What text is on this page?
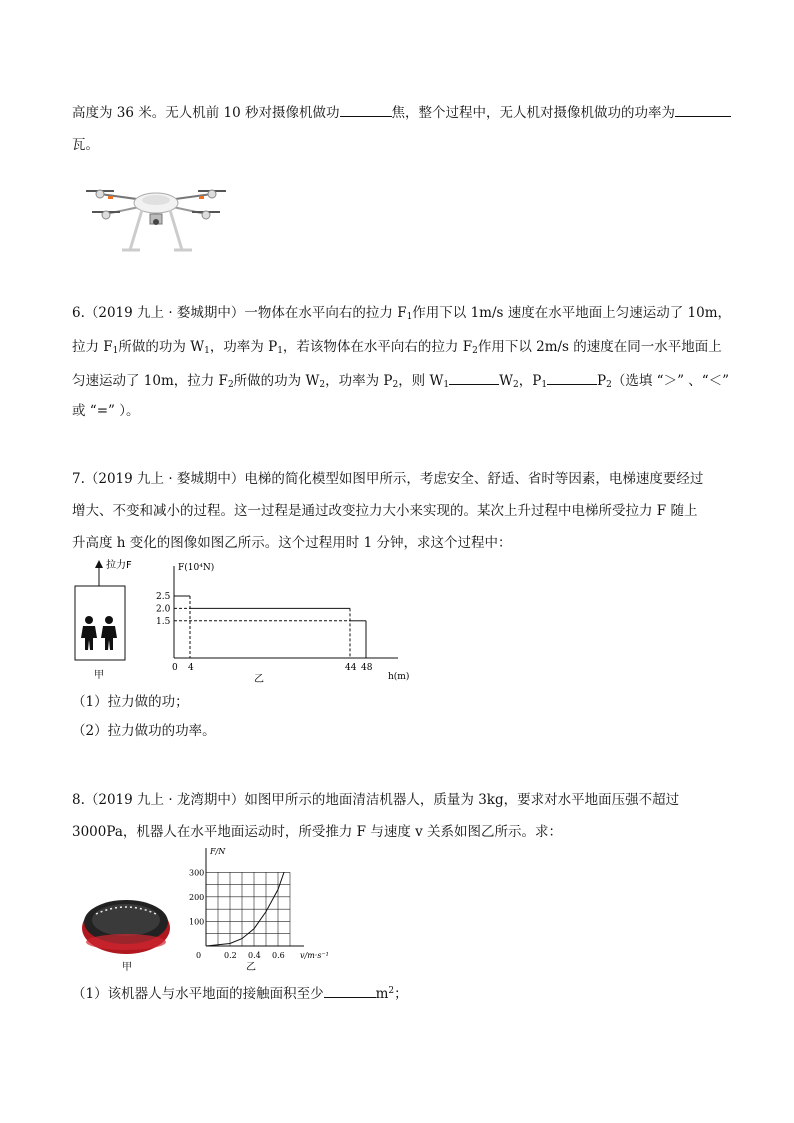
高度为 36 米。无人机前 10 秒对摄像机做功	焦，整个过程中，无人机对摄像机做功的功率为
瓦。
6.（2019 九上 · 婺城期中）一物体在水平向右的拉力 $F_1$作用下以 1m/s 速度在水平地面上匀速运动了 10m，
拉力 $F_1$所做的功为 $W_1$，功率为 $P_1$，若该物体在水平向右的拉力 $F_2$作用下以 2m/s 的速度在同一水平地面上
匀速运动了 10m，拉力 $F_2$所做的功为 $W_2$，功率为 $P_2$，则 $W_1$	$W_2$，$P_1$	$P_2$（选填 “＞” 、“＜”
或 “=” ）。
7.（2019 九上 · 婺城期中）电梯的简化模型如图甲所示，考虑安全、舒适、省时等因素，电梯速度要经过
增大、不变和减小的过程。这一过程是通过改变拉力大小来实现的。某次上升过程中电梯所受拉力 F 随上
升高度 h 变化的图像如图乙所示。这个过程用时 1 分钟，求这个过程中：
拉力F
甲
F(10⁴N)
h(m)
1.5
2.0
2.5
0 4	44 48
乙
（1）拉力做的功；
（2）拉力做功的功率。
8.（2019 九上 · 龙湾期中）如图甲所示的地面清洁机器人，质量为 3kg，要求对水平地面压强不超过
3000Pa，机器人在水平地面运动时，所受推力 F 与速度 v 关系如图乙所示。求：
甲
F/N
v/m·s⁻¹
100
200
300
0	0.2 0.4 0.6
乙
（1）该机器人与水平地面的接触面积至少	$m^2$；
